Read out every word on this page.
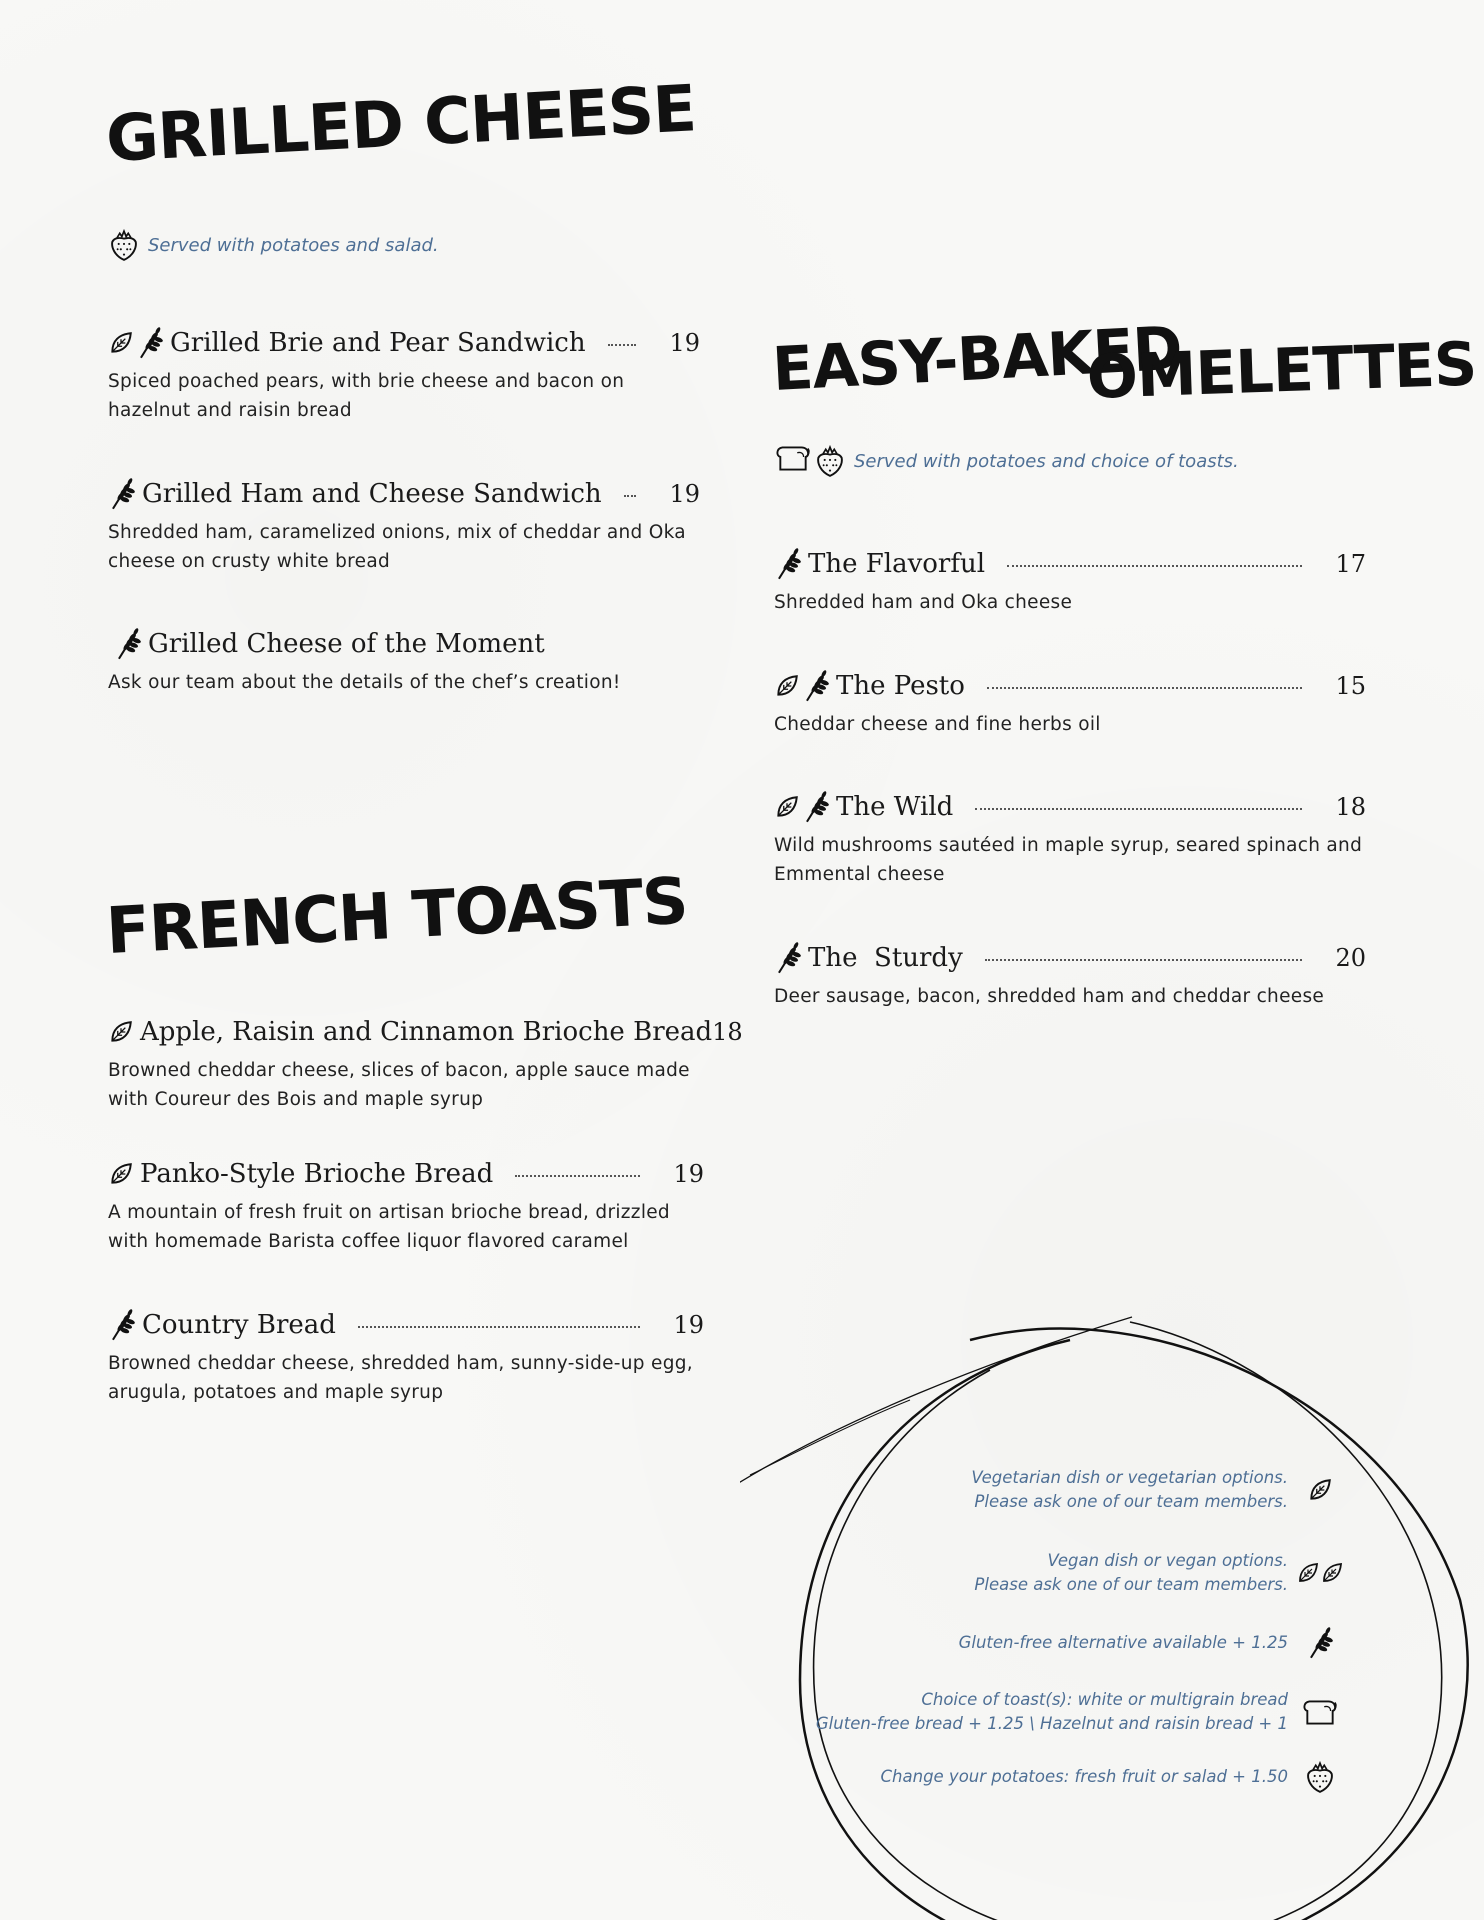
GRILLED CHEESE
Served with potatoes and salad.
Grilled Brie and Pear Sandwich	19
Spiced poached pears, with brie cheese and bacon on hazelnut and raisin bread
Grilled Ham and Cheese Sandwich	19
Shredded ham, caramelized onions, mix of cheddar and Oka cheese on crusty white bread
Grilled Cheese of the Moment
Ask our team about the details of the chef’s creation!
FRENCH TOASTS
Apple, Raisin and Cinnamon Brioche Bread 18
Browned cheddar cheese, slices of bacon, apple sauce made with Coureur des Bois and maple syrup
Panko-Style Brioche Bread	19
A mountain of fresh fruit on artisan brioche bread, drizzled with homemade Barista coffee liquor flavored caramel
Country Bread	19
Browned cheddar cheese, shredded ham, sunny-side-up egg, arugula, potatoes and maple syrup
EASY-BAKED
OMELETTES
Served with potatoes and choice of toasts.
The Flavorful	17
Shredded ham and Oka cheese
The Pesto	15
Cheddar cheese and fine herbs oil
The Wild	18
Wild mushrooms sautéed in maple syrup, seared spinach and Emmental cheese
The  Sturdy	20
Deer sausage, bacon, shredded ham and cheddar cheese
Vegetarian dish or vegetarian options.
Please ask one of our team members.
Vegan dish or vegan options.
Please ask one of our team members.
Gluten-free alternative available + 1.25
Choice of toast(s): white or multigrain bread
Gluten-free bread + 1.25 \ Hazelnut and raisin bread + 1
Change your potatoes: fresh fruit or salad + 1.50
